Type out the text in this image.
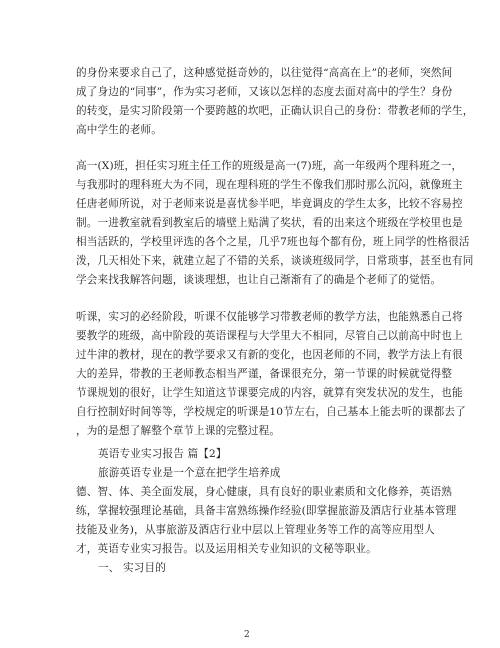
的身份来要求自己了，这种感觉挺奇妙的，以往觉得“高高在上”的老师，突然间
成了身边的“同事”，作为实习老师，又该以怎样的态度去面对高中的学生？身份
的转变，是实习阶段第一个要跨越的坎吧，正确认识自己的身份：带教老师的学生，
高中学生的老师。
高一(X)班，担任实习班主任工作的班级是高一(7)班，高一年级两个理科班之一，
与我那时的理科班大为不同，现在理科班的学生不像我们那时那么沉闷，就像班主
任唐老师所说，对于老师来说是喜忧参半吧，毕竟调皮的学生太多，比较不容易控
制。一进教室就看到教室后的墙壁上贴满了奖状，看的出来这个班级在学校里也是
相当活跃的，学校里评选的各个之星，几乎7班也每个都有份，班上同学的性格很活
泼，几天相处下来，就建立起了不错的关系，谈谈班级同学，日常琐事，甚至也有同
学会来找我解答问题，谈谈理想，也让自己渐渐有了的确是个老师了的觉悟。
听课，实习的必经阶段，听课不仅能够学习带教老师的教学方法，也能熟悉自己将
要教学的班级，高中阶段的英语课程与大学里大不相同，尽管自己以前高中时也上
过牛津的教材，现在的教学要求又有新的变化，也因老师的不同，教学方法上有很
大的差异，带教的王老师教态相当严谨，备课很充分，第一节课的时候就觉得整
节课规划的很好，让学生知道这节课要完成的内容，就算有突发状况的发生，也能
自行控制好时间等等，学校规定的听课是10节左右，自己基本上能去听的课都去了
，为的是想了解整个章节上课的完整过程。
英语专业实习报告 篇【2】
旅游英语专业是一个意在把学生培养成
德、智、体、美全面发展，身心健康，具有良好的职业素质和文化修养，英语熟
练，掌握较强理论基础，具备丰富熟练操作经验(即掌握旅游及酒店行业基本管理
技能及业务)，从事旅游及酒店行业中层以上管理业务等工作的高等应用型人
才，英语专业实习报告。以及运用相关专业知识的文秘等职业。
一、 实习目的
2
